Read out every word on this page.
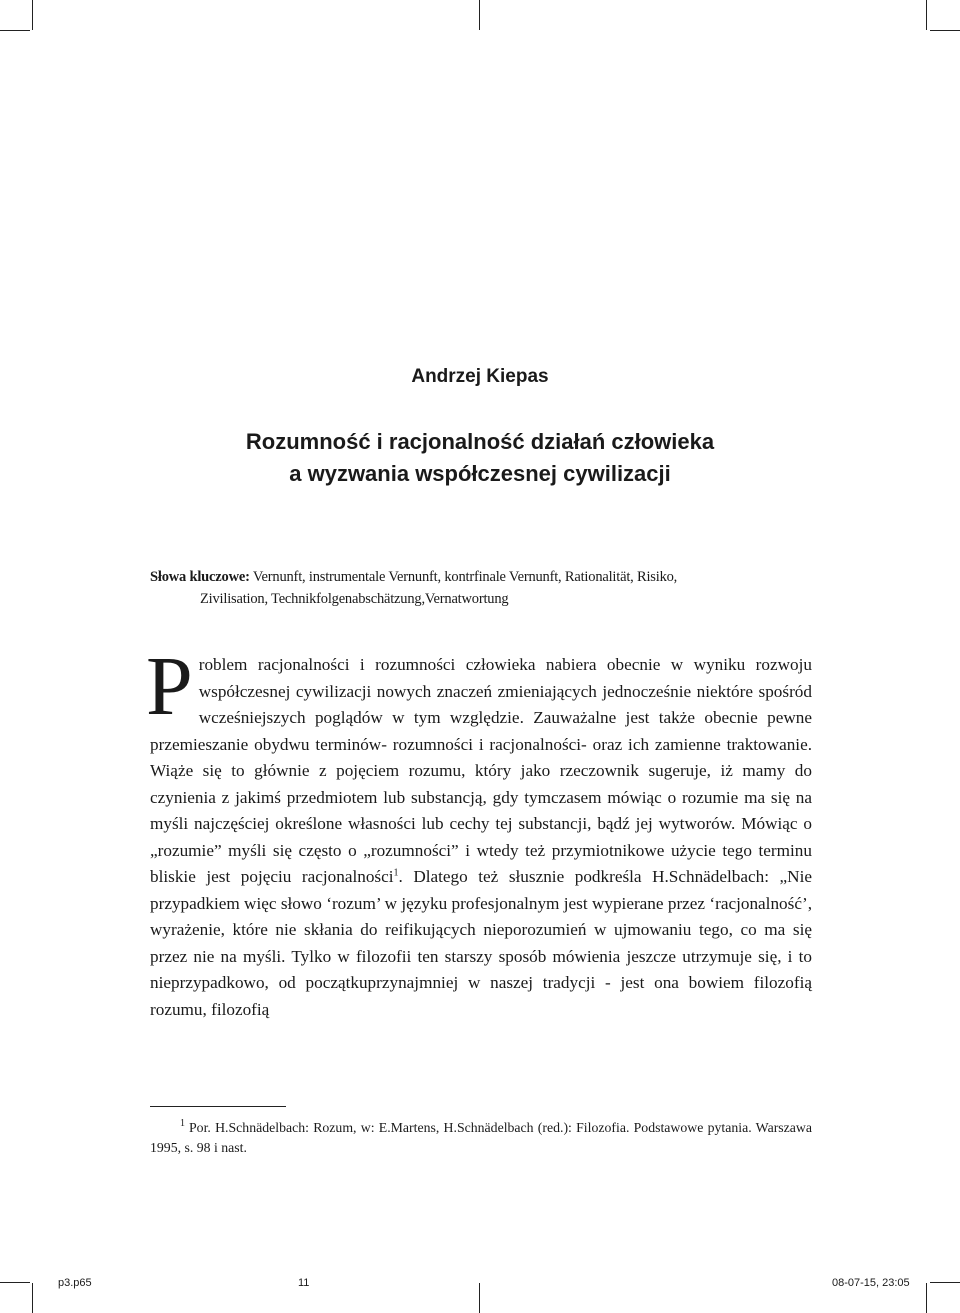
Andrzej Kiepas
Rozumność i racjonalność działań człowieka
a wyzwania współczesnej cywilizacji
Słowa kluczowe: Vernunft, instrumentale Vernunft, kontrfinale Vernunft, Rationalität, Risiko,
Zivilisation, Technikfolgenabschätzung,Vernatwortung

Problem racjonalności i rozumności człowieka nabiera obecnie w wyniku rozwoju współczesnej cywilizacji nowych znaczeń zmieniających jednocześnie niektóre spośród wcześniejszych poglądów w tym względzie. Zauważalne jest także obecnie pewne przemieszanie obydwu terminów- rozumności i racjonalności- oraz ich zamienne traktowanie. Wiąże się to głównie z pojęciem rozumu, który jako rzeczownik sugeruje, iż mamy do czynienia z jakimś przedmiotem lub substancją, gdy tymczasem mówiąc o rozumie ma się na myśli najczęściej określone własności lub cechy tej substancji, bądź jej wytworów. Mówiąc o „rozumie” myśli się często o „rozumności” i wtedy też przymiotnikowe użycie tego terminu bliskie jest pojęciu racjonalności$^1$. Dlatego też słusznie podkreśla H.Schnädelbach: „Nie przypadkiem więc słowo ‘rozum’ w języku profesjonalnym jest wypierane przez ‘racjonalność’, wyrażenie, które nie skłania do reifikujących nieporozumień w ujmowaniu tego, co ma się przez nie na myśli. Tylko w filozofii ten starszy sposób mówienia jeszcze utrzymuje się, i to nieprzypadkowo, od początkuprzynajmniej w naszej tradycji - jest ona bowiem filozofią rozumu, filozofią

$^1$ Por. H.Schnädelbach: Rozum, w: E.Martens, H.Schnädelbach (red.): Filozofia. Podstawowe pytania. Warszawa 1995, s. 98 i nast.
p3.p65	11	08-07-15, 23:05
